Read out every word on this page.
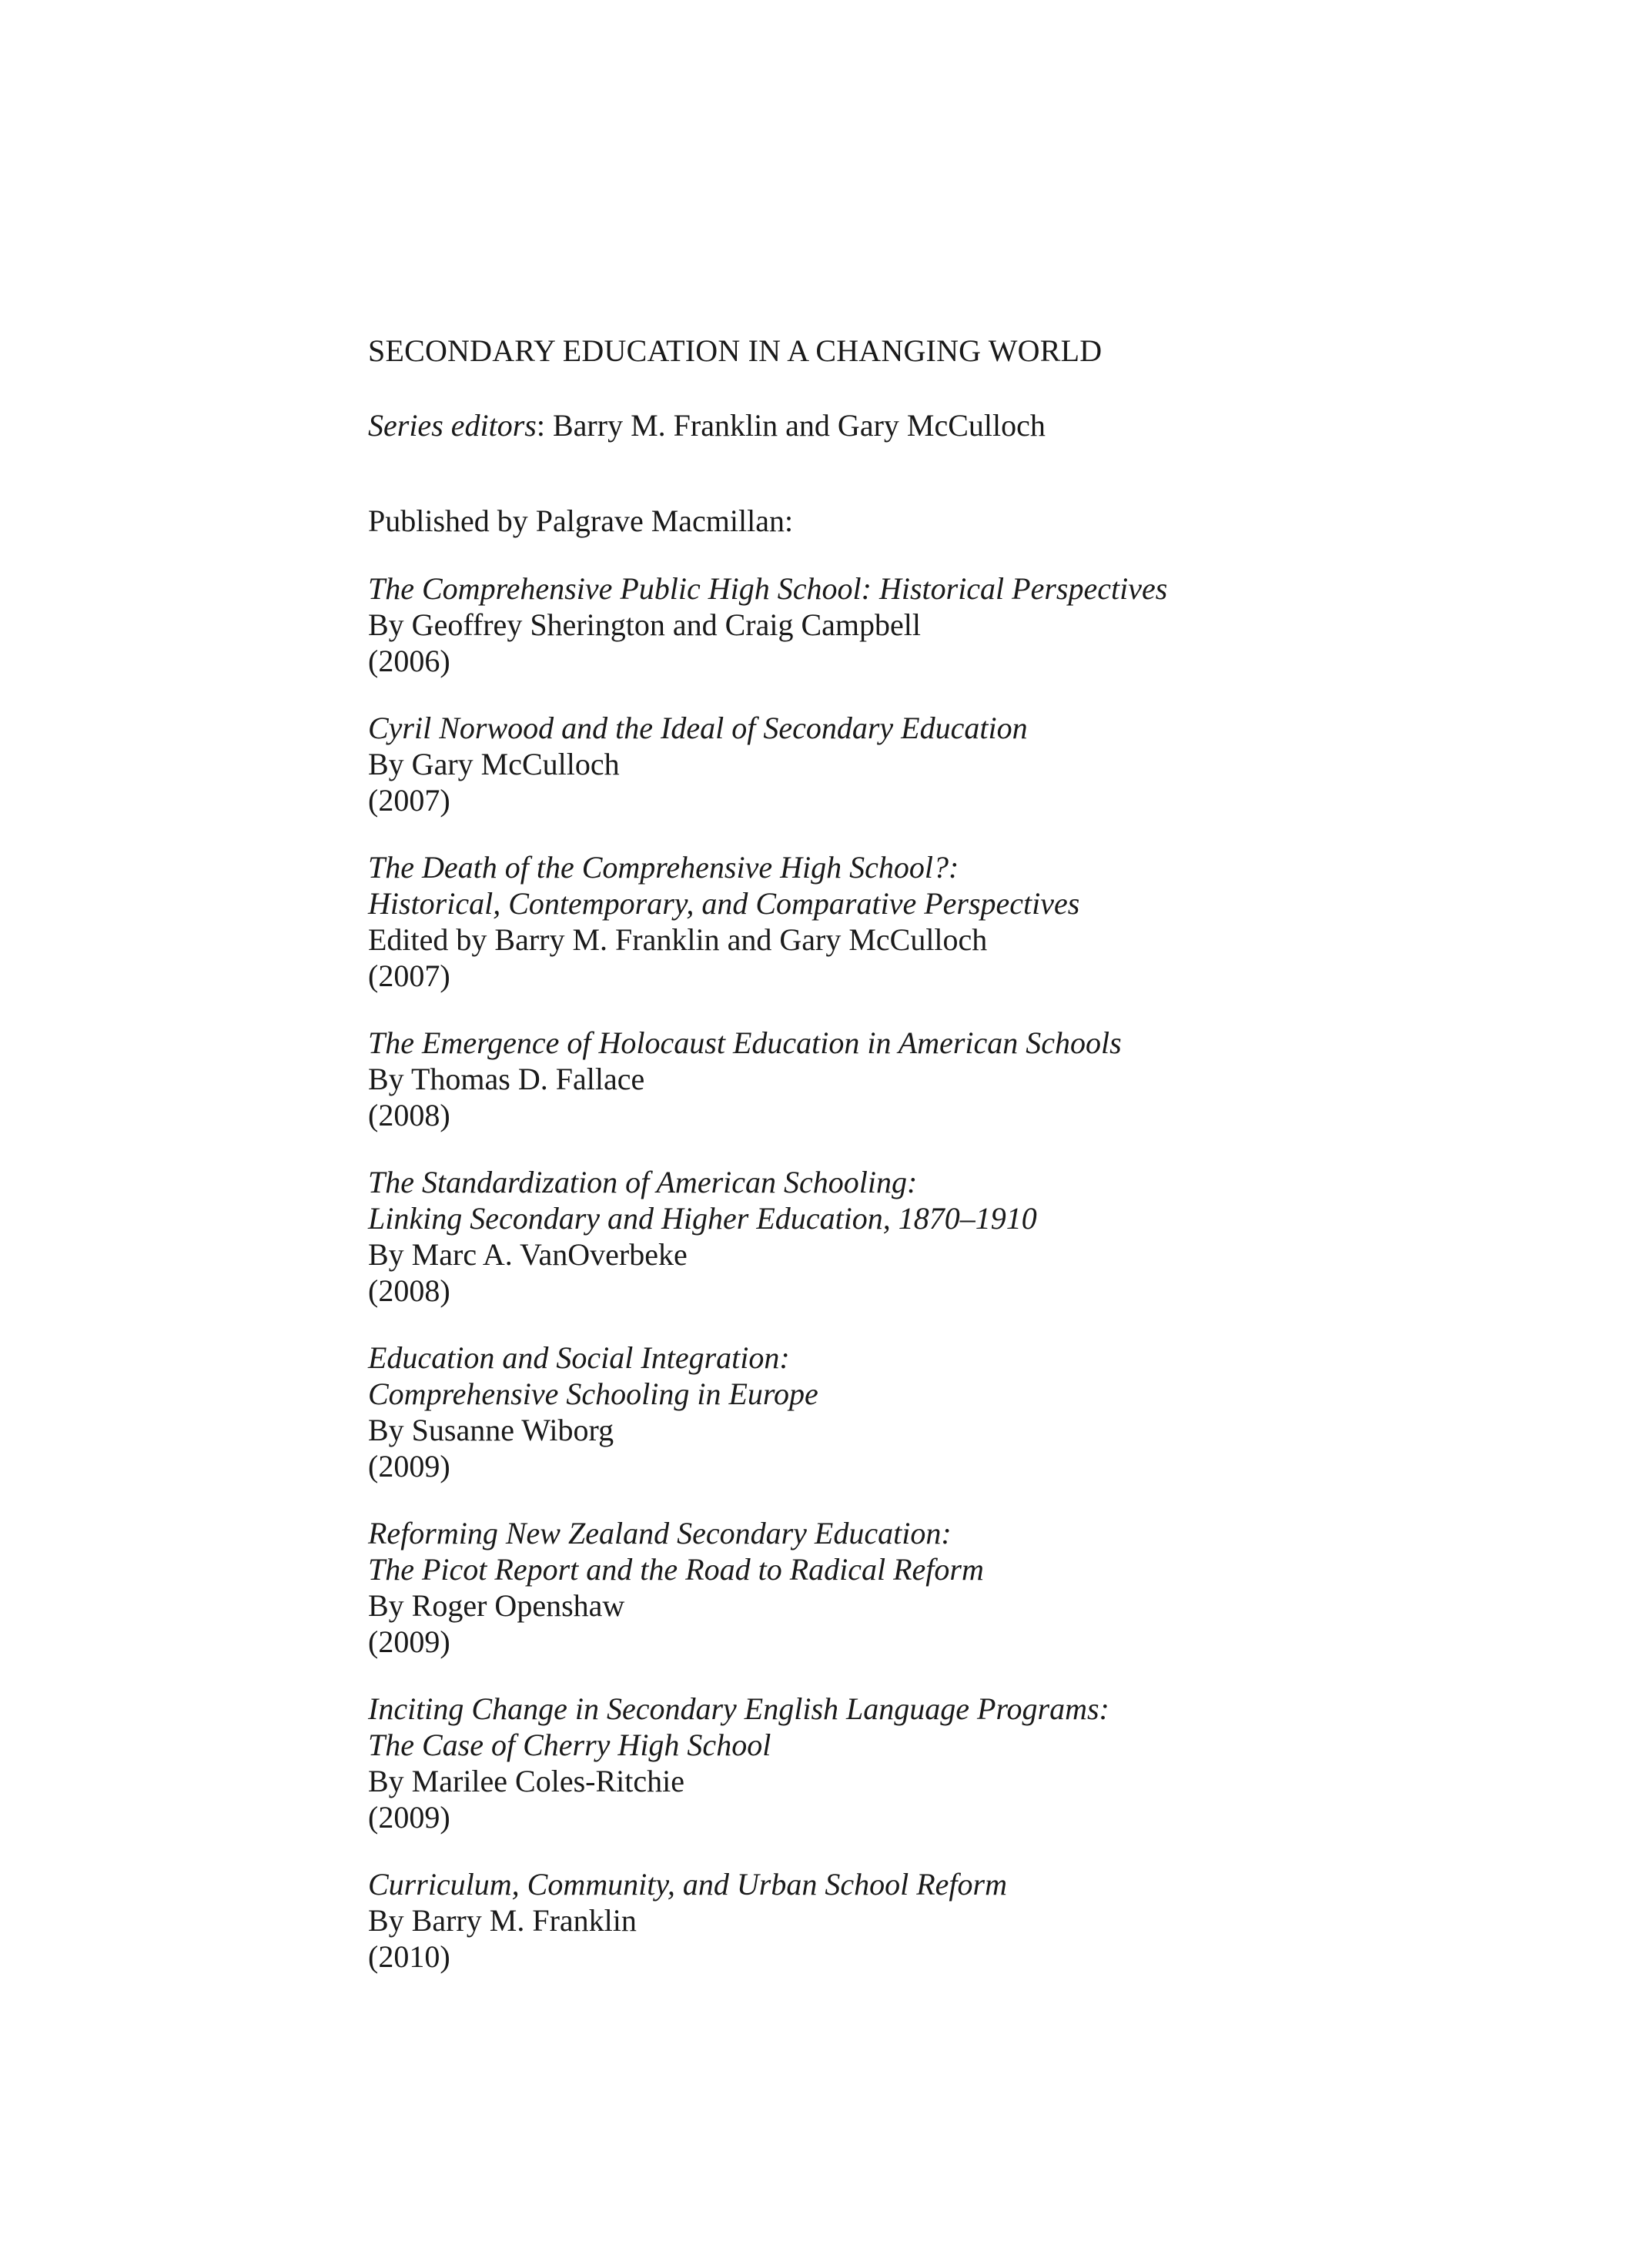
SECONDARY EDUCATION IN A CHANGING WORLD
Series editors: Barry M. Franklin and Gary McCulloch
Published by Palgrave Macmillan:
The Comprehensive Public High School: Historical Perspectives
By Geoffrey Sherington and Craig Campbell
(2006)
Cyril Norwood and the Ideal of Secondary Education
By Gary McCulloch
(2007)
The Death of the Comprehensive High School?:
Historical, Contemporary, and Comparative Perspectives
Edited by Barry M. Franklin and Gary McCulloch
(2007)
The Emergence of Holocaust Education in American Schools
By Thomas D. Fallace
(2008)
The Standardization of American Schooling:
Linking Secondary and Higher Education, 1870–1910
By Marc A. VanOverbeke
(2008)
Education and Social Integration:
Comprehensive Schooling in Europe
By Susanne Wiborg
(2009)
Reforming New Zealand Secondary Education:
The Picot Report and the Road to Radical Reform
By Roger Openshaw
(2009)
Inciting Change in Secondary English Language Programs:
The Case of Cherry High School
By Marilee Coles-Ritchie
(2009)
Curriculum, Community, and Urban School Reform
By Barry M. Franklin
(2010)
